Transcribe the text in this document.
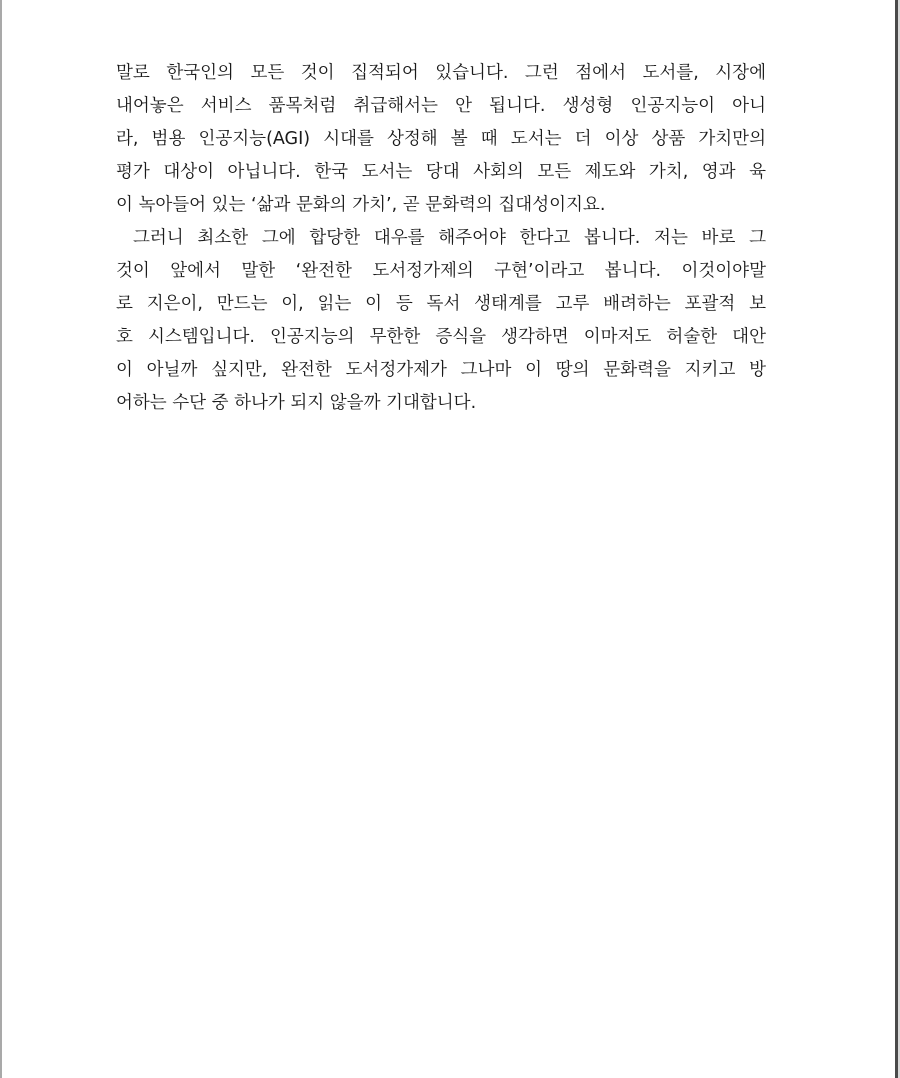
말로 한국인의 모든 것이 집적되어 있습니다. 그런 점에서 도서를, 시장에
내어놓은 서비스 품목처럼 취급해서는 안 됩니다. 생성형 인공지능이 아니
라, 범용 인공지능(AGI) 시대를 상정해 볼 때 도서는 더 이상 상품 가치만의
평가 대상이 아닙니다. 한국 도서는 당대 사회의 모든 제도와 가치, 영과 육
이 녹아들어 있는 ‘삶과 문화의 가치’, 곧 문화력의 집대성이지요.
그러니 최소한 그에 합당한 대우를 해주어야 한다고 봅니다. 저는 바로 그
것이 앞에서 말한 ‘완전한 도서정가제의 구현’이라고 봅니다. 이것이야말
로 지은이, 만드는 이, 읽는 이 등 독서 생태계를 고루 배려하는 포괄적 보
호 시스템입니다. 인공지능의 무한한 증식을 생각하면 이마저도 허술한 대안
이 아닐까 싶지만, 완전한 도서정가제가 그나마 이 땅의 문화력을 지키고 방
어하는 수단 중 하나가 되지 않을까 기대합니다.
